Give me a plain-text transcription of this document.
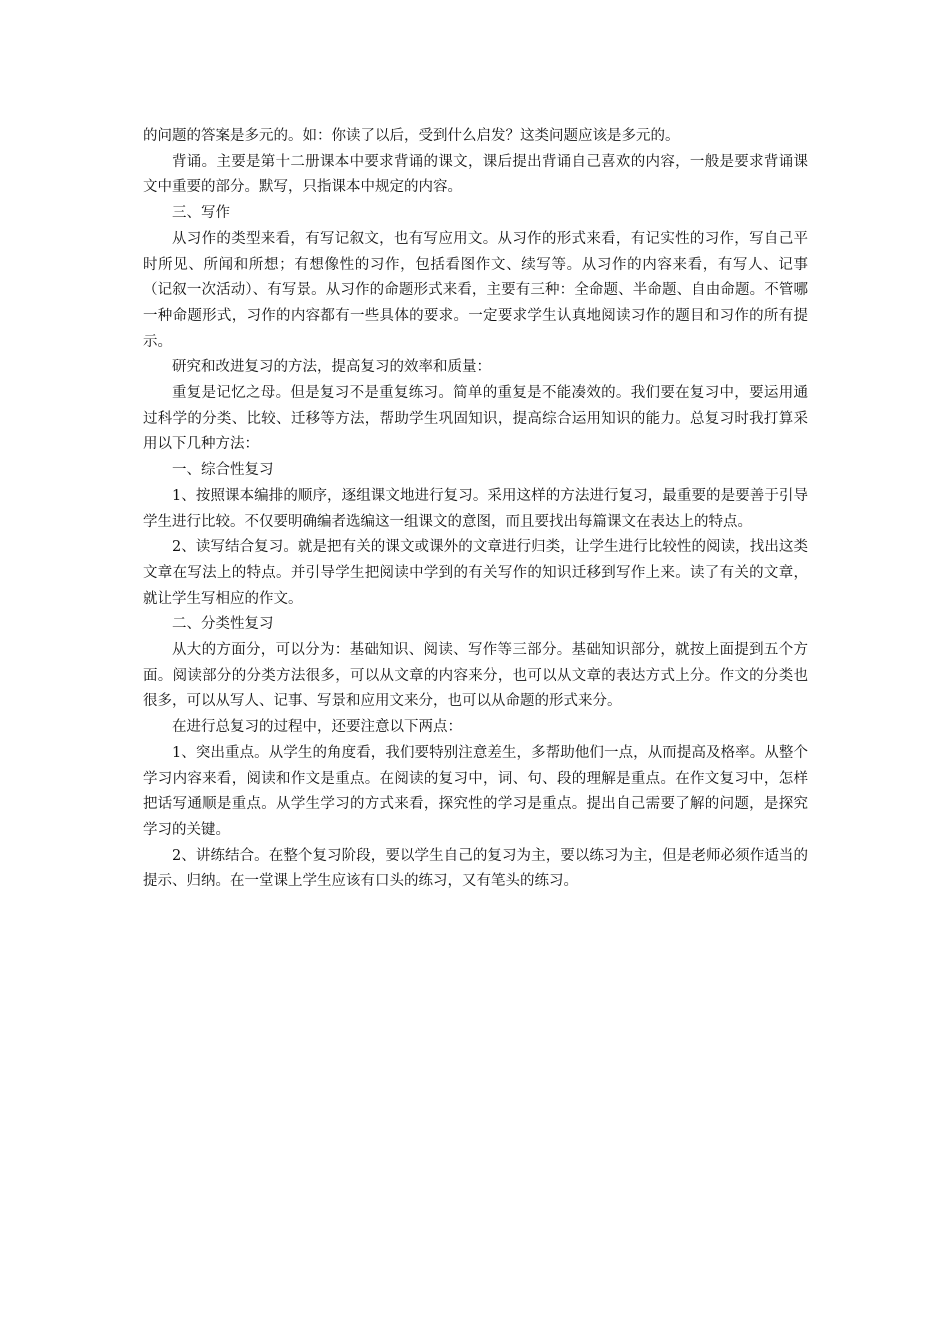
的问题的答案是多元的。如：你读了以后，受到什么启发？这类问题应该是多元的。

背诵。主要是第十二册课本中要求背诵的课文，课后提出背诵自己喜欢的内容，一般是要求背诵课文中重要的部分。默写，只指课本中规定的内容。

三、写作

从习作的类型来看，有写记叙文，也有写应用文。从习作的形式来看，有记实性的习作，写自己平时所见、所闻和所想；有想像性的习作，包括看图作文、续写等。从习作的内容来看，有写人、记事（记叙一次活动）、有写景。从习作的命题形式来看，主要有三种：全命题、半命题、自由命题。不管哪一种命题形式，习作的内容都有一些具体的要求。一定要求学生认真地阅读习作的题目和习作的所有提示。

研究和改进复习的方法，提高复习的效率和质量：

重复是记忆之母。但是复习不是重复练习。简单的重复是不能凑效的。我们要在复习中，要运用通过科学的分类、比较、迁移等方法，帮助学生巩固知识，提高综合运用知识的能力。总复习时我打算采用以下几种方法：

一、综合性复习

1、按照课本编排的顺序，逐组课文地进行复习。采用这样的方法进行复习，最重要的是要善于引导学生进行比较。不仅要明确编者选编这一组课文的意图，而且要找出每篇课文在表达上的特点。

2、读写结合复习。就是把有关的课文或课外的文章进行归类，让学生进行比较性的阅读，找出这类文章在写法上的特点。并引导学生把阅读中学到的有关写作的知识迁移到写作上来。读了有关的文章，就让学生写相应的作文。

二、分类性复习

从大的方面分，可以分为：基础知识、阅读、写作等三部分。基础知识部分，就按上面提到五个方面。阅读部分的分类方法很多，可以从文章的内容来分，也可以从文章的表达方式上分。作文的分类也很多，可以从写人、记事、写景和应用文来分，也可以从命题的形式来分。

在进行总复习的过程中，还要注意以下两点：

1、突出重点。从学生的角度看，我们要特别注意差生，多帮助他们一点，从而提高及格率。从整个学习内容来看，阅读和作文是重点。在阅读的复习中，词、句、段的理解是重点。在作文复习中，怎样把话写通顺是重点。从学生学习的方式来看，探究性的学习是重点。提出自己需要了解的问题，是探究学习的关键。

2、讲练结合。在整个复习阶段，要以学生自己的复习为主，要以练习为主，但是老师必须作适当的提示、归纳。在一堂课上学生应该有口头的练习，又有笔头的练习。
